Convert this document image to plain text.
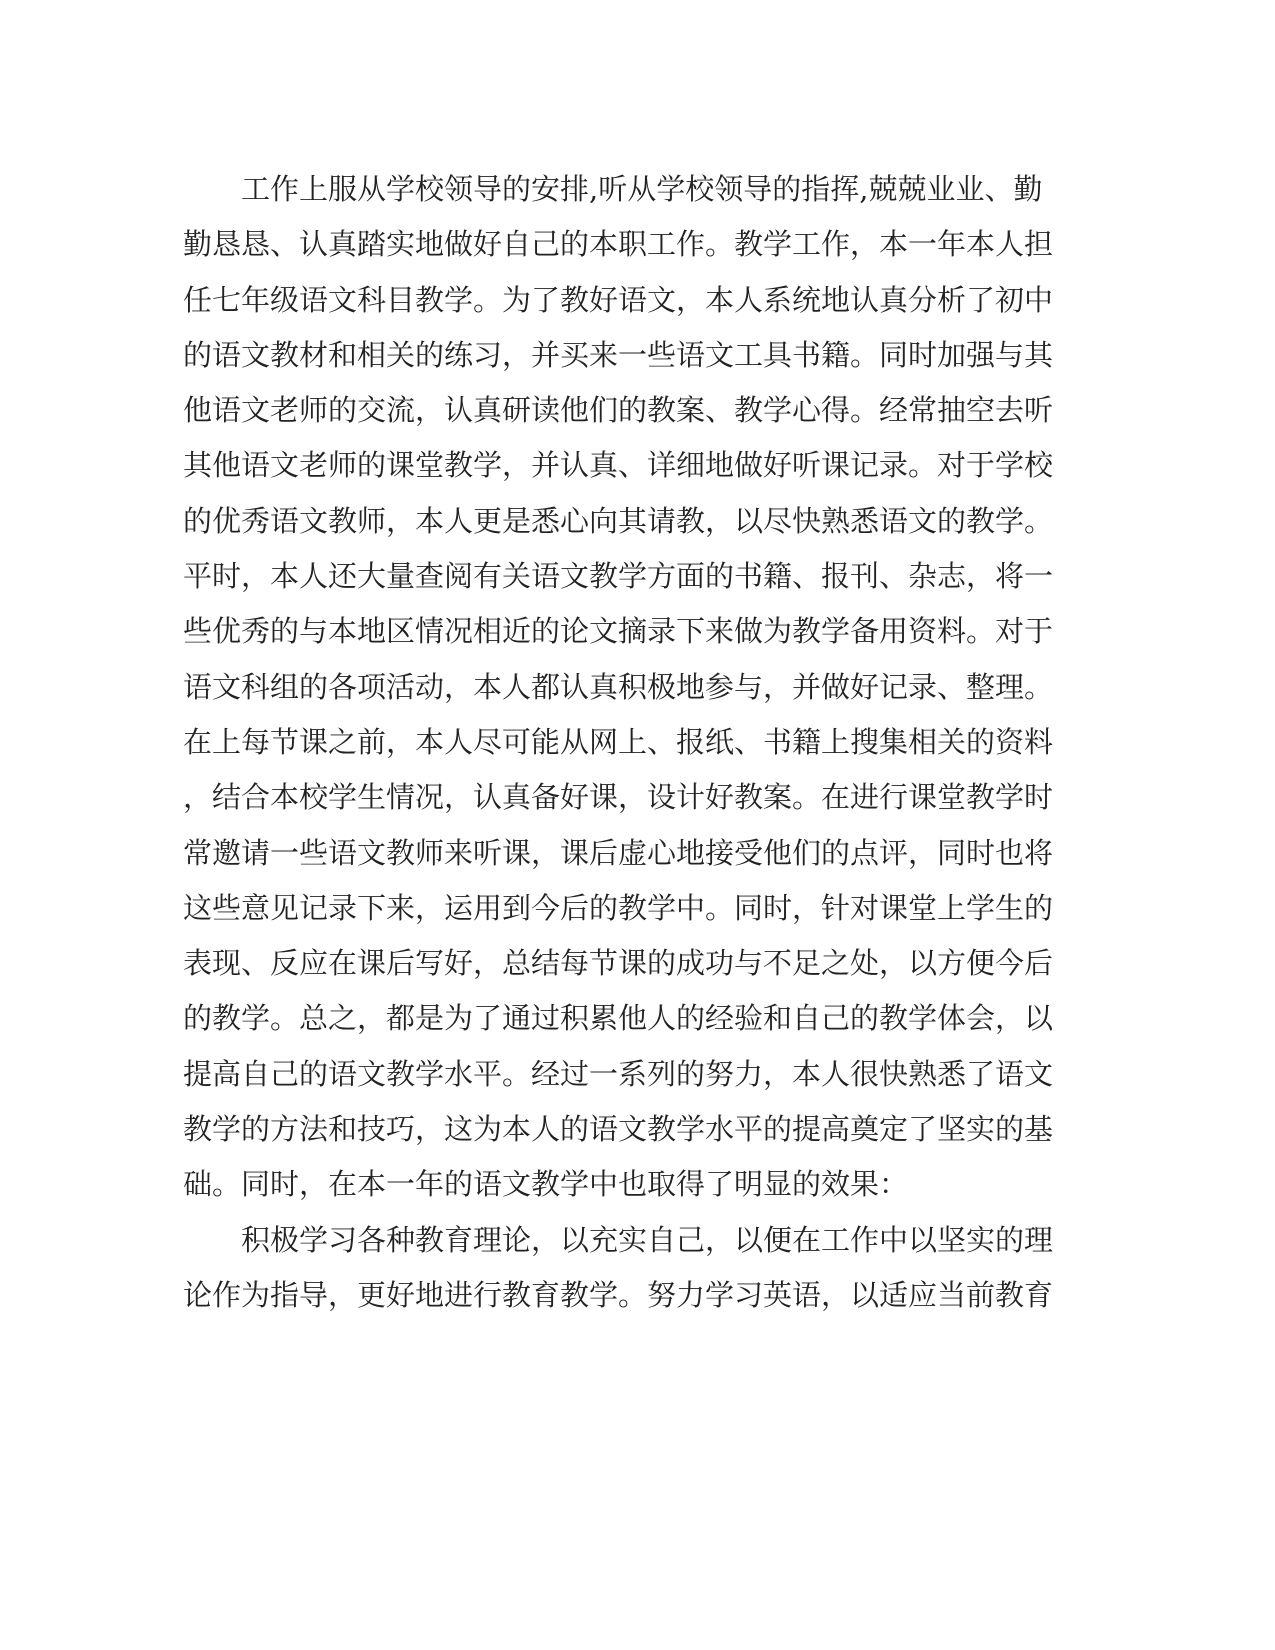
　　工作上服从学校领导的安排,听从学校领导的指挥,兢兢业业、勤
勤恳恳、认真踏实地做好自己的本职工作。教学工作，本一年本人担
任七年级语文科目教学。为了教好语文，本人系统地认真分析了初中
的语文教材和相关的练习，并买来一些语文工具书籍。同时加强与其
他语文老师的交流，认真研读他们的教案、教学心得。经常抽空去听
其他语文老师的课堂教学，并认真、详细地做好听课记录。对于学校
的优秀语文教师，本人更是悉心向其请教，以尽快熟悉语文的教学。
平时，本人还大量查阅有关语文教学方面的书籍、报刊、杂志，将一
些优秀的与本地区情况相近的论文摘录下来做为教学备用资料。对于
语文科组的各项活动，本人都认真积极地参与，并做好记录、整理。
在上每节课之前，本人尽可能从网上、报纸、书籍上搜集相关的资料
，结合本校学生情况，认真备好课，设计好教案。在进行课堂教学时
常邀请一些语文教师来听课，课后虚心地接受他们的点评，同时也将
这些意见记录下来，运用到今后的教学中。同时，针对课堂上学生的
表现、反应在课后写好，总结每节课的成功与不足之处，以方便今后
的教学。总之，都是为了通过积累他人的经验和自己的教学体会，以
提高自己的语文教学水平。经过一系列的努力，本人很快熟悉了语文
教学的方法和技巧，这为本人的语文教学水平的提高奠定了坚实的基
础。同时，在本一年的语文教学中也取得了明显的效果：
　　积极学习各种教育理论，以充实自己，以便在工作中以坚实的理
论作为指导，更好地进行教育教学。努力学习英语，以适应当前教育
